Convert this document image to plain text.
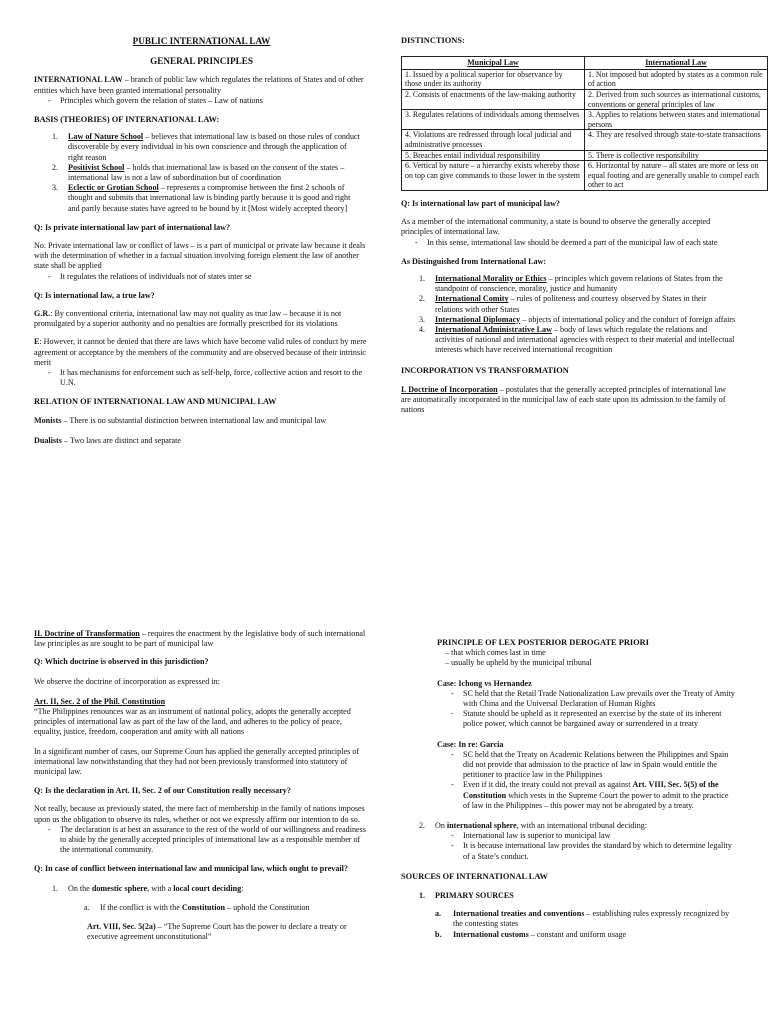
PUBLIC INTERNATIONAL LAW

GENERAL PRINCIPLES

INTERNATIONAL LAW – branch of public law which regulates the relations of States and of other entities which have been granted international personality

- Principles which govern the relation of states – Law of nations

BASIS (THEORIES) OF INTERNATIONAL LAW:

1. Law of Nature School – believes that international law is based on those rules of conduct discoverable by every individual in his own conscience and through the application of right reason

2. Positivist School – holds that international law is based on the consent of the states – international law is not a law of subordination but of coordination

3. Eclectic or Grotian School – represents a compromise between the first 2 schools of thought and submits that international law is binding partly because it is good and right and partly because states have agreed to be bound by it [Most widely accepted theory]

Q: Is private international law part of international law?

No. Private international law or conflict of laws – is a part of municipal or private law because it deals with the determination of whether in a factual situation involving foreign element the law of another state shall be applied

- It regulates the relations of individuals not of states inter se

Q: Is international law, a true law?

G.R.: By conventional criteria, international law may not quality as true law – because it is not promulgated by a superior authority and no penalties are formally prescribed for its violations

E: However, it cannot be denied that there are laws which have become valid rules of conduct by mere agreement or acceptance by the members of the community and are observed because of their intrinsic merit

- It has mechanisms for enforcement such as self-help, force, collective action and resort to the U.N.

RELATION OF INTERNATIONAL LAW AND MUNICIPAL LAW

Monists – There is no substantial distinction between international law and municipal law

Dualists – Two laws are distinct and separate

DISTINCTIONS:

Municipal Law	International Law
1. Issued by a political superior for observance by those under its authority	1. Not imposed but adopted by states as a common rule of action
2. Consists of enactments of the law-making authority	2. Derived from such sources as international customs, conventions or general principles of law
3. Regulates relations of individuals among themselves	3. Applies to relations between states and international persons
4. Violations are redressed through local judicial and administrative processes	4. They are resolved through state-to-state transactions
5. Breaches entail individual responsibility	5. There is collective responsibility
6. Vertical by nature – a hierarchy exists whereby those on top can give commands to those lower in the system	6. Horizontal by nature – all states are more or less on equal footing and are generally unable to compel each other to act

Q: Is international law part of municipal law?

As a member of the international community, a state is bound to observe the generally accepted principles of international law.

- In this sense, international law should be deemed a part of the municipal law of each state

As Distinguished from International Law:

1. International Morality or Ethics – principles which govern relations of States from the standpoint of conscience, morality, justice and humanity

2. International Comity – rules of politeness and courtesy observed by States in their relations with other States

3. International Diplomacy – objects of international policy and the conduct of foreign affairs

4. International Administrative Law – body of laws which regulate the relations and activities of national and international agencies with respect to their material and intellectual interests which have received international recognition

INCORPORATION VS TRANSFORMATION

I. Doctrine of Incorporation – postulates that the generally accepted principles of international law are automatically incorporated in the municipal law of each state upon its admission to the family of nations

II. Doctrine of Transformation – requires the enactment by the legislative body of such international law principles as are sought to be part of municipal law

Q: Which doctrine is observed in this jurisdiction?

We observe the doctrine of incorporation as expressed in:

Art. II, Sec. 2 of the Phil. Constitution

“The Philippines renounces war as an instrument of national policy, adopts the generally accepted principles of international law as part of the law of the land, and adheres to the policy of peace, equality, justice, freedom, cooperation and amity with all nations

In a significant number of cases, our Supreme Court has applied the generally accepted principles of international law notwithstanding that they had not been previously transformed into statutory of municipal law.

Q: Is the declaration in Art. II, Sec. 2 of our Constitution really necessary?

Not really, because as previously stated, the mere fact of membership in the family of nations imposes upon us the obligation to observe its rules, whether or not we expressly affirm our intention to do so.

- The declaration is at best an assurance to the rest of the world of our willingness and readiness to abide by the generally accepted principles of international law as a responsible member of the international community.

Q: In case of conflict between international law and municipal law, which ought to prevail?

1. On the domestic sphere, with a local court deciding:

a. If the conflict is with the Constitution – uphold the Constitution

Art. VIII, Sec. 5(2a) – “The Supreme Court has the power to declare a treaty or executive agreement unconstitutional”

PRINCIPLE OF LEX POSTERIOR DEROGATE PRIORI

– that which comes last in time

– usually be upheld by the municipal tribunal

Case: Ichong vs Hernandez

- SC held that the Retail Trade Nationalization Law prevails over the Treaty of Amity with China and the Universal Declaration of Human Rights

- Statute should be upheld as it represented an exercise by the state of its inherent police power, which cannot be bargained away or surrendered in a treaty

Case: In re: Garcia

- SC held that the Treaty on Academic Relations between the Philippines and Spain did not provide that admission to the practice of law in Spain would entitle the petitioner to practice law in the Philippines

- Even if it did, the treaty could not prevail as against Art. VIII, Sec. 5(5) of the Constitution which vests in the Supreme Court the power to admit to the practice of law in the Philippines – this power may not be abrogated by a treaty.

2. On international sphere, with an international tribunal deciding:

- International law is superior to municipal law

- It is because international law provides the standard by which to determine legality of a State’s conduct.

SOURCES OF INTERNATIONAL LAW

1. PRIMARY SOURCES

a. International treaties and conventions – establishing rules expressly recognized by the contesting states

b. International customs – constant and uniform usage
